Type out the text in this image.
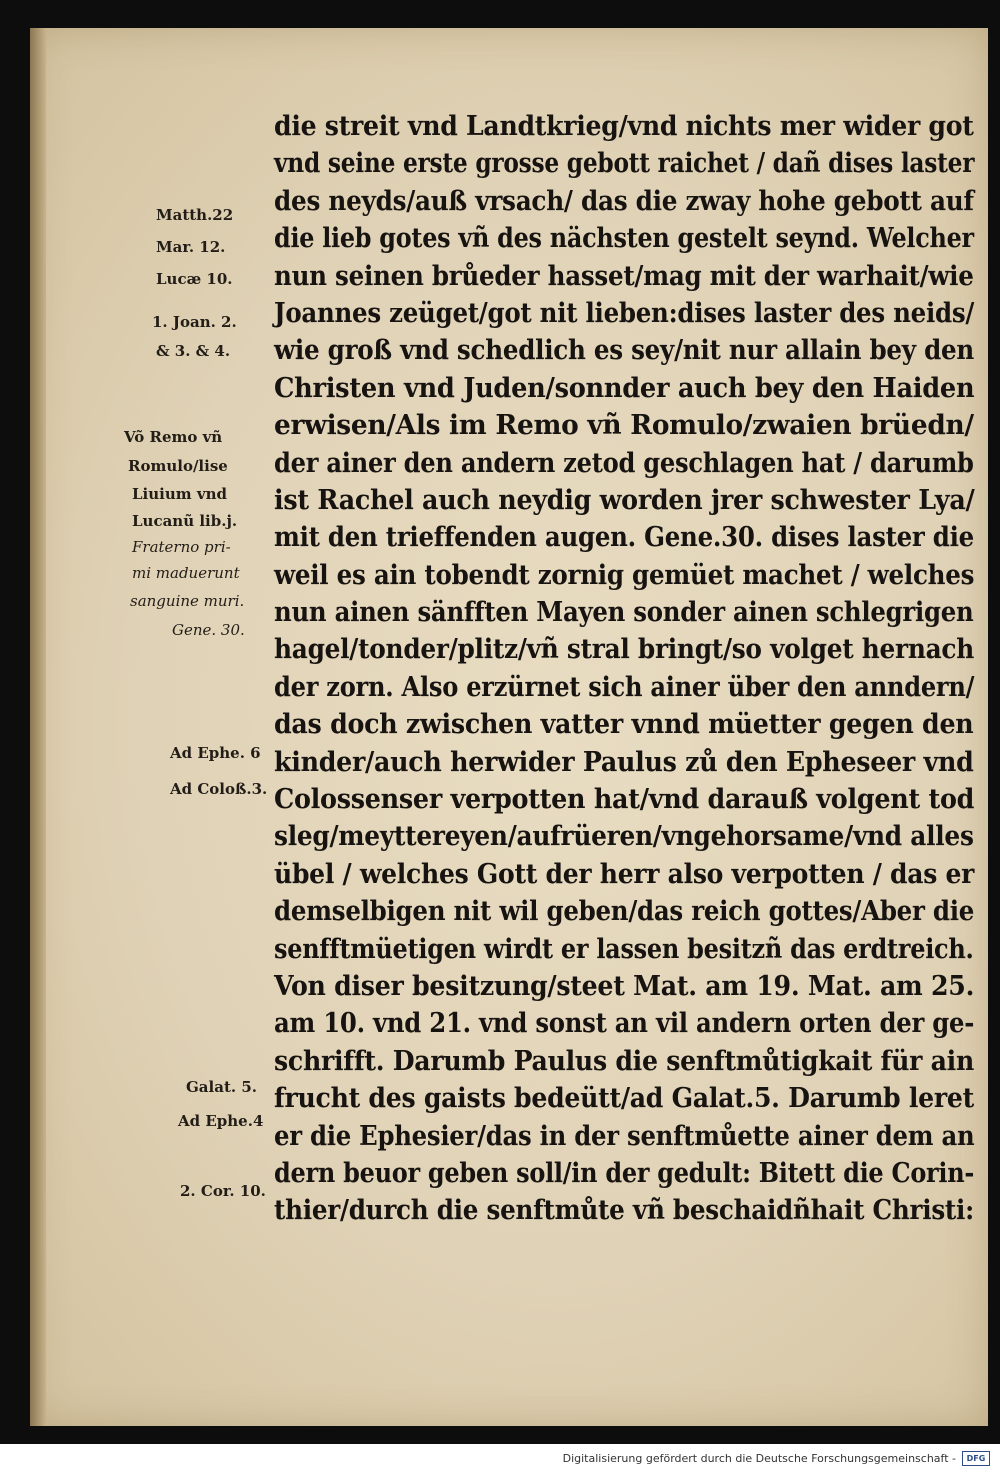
die streit vnd Landtkrieg/vnd nichts mer wider got
vnd seine erste grosse gebott raichet / dañ dises laster
des neyds/auß vrsach/ das die zway hohe gebott auf
die lieb gotes vñ des nächsten gestelt seynd. Welcher
nun seinen brůeder hasset/mag mit der warhait/wie
Joannes zeüget/got nit lieben:dises laster des neids/
wie groß vnd schedlich es sey/nit nur allain bey den
Christen vnd Juden/sonnder auch bey den Haiden
erwisen/Als im Remo vñ Romulo/zwaien brüedn/
der ainer den andern zetod geschlagen hat / darumb
ist Rachel auch neydig worden jrer schwester Lya/
mit den trieffenden augen. Gene.30. dises laster die
weil es ain tobendt zornig gemüet machet / welches
nun ainen sänfften Mayen sonder ainen schlegrigen
hagel/tonder/plitz/vñ stral bringt/so volget hernach
der zorn. Also erzürnet sich ainer über den anndern/
das doch zwischen vatter vnnd müetter gegen den
kinder/auch herwider Paulus zů den Epheseer vnd
Colossenser verpotten hat/vnd darauß volgent tod
sleg/meyttereyen/aufrüeren/vngehorsame/vnd alles
übel / welches Gott der herr also verpotten / das er
demselbigen nit wil geben/das reich gottes/Aber die
senfftmüetigen wirdt er lassen besitzñ das erdtreich.
Von diser besitzung/steet Mat. am 19. Mat. am 25.
am 10. vnd 21. vnd sonst an vil andern orten der ge-
schrifft. Darumb Paulus die senftmůtigkait für ain
frucht des gaists bedeütt/ad Galat.5. Darumb leret
er die Ephesier/das in der senftmůette ainer dem an
dern beuor geben soll/in der gedult: Bitett die Corin-
thier/durch die senftmůte vñ beschaidñhait Christi:
Matth.22
Mar. 12.
Lucæ 10.
1. Joan. 2.
& 3. & 4.
Võ Remo vñ
Romulo/lise
Liuium vnd
Lucanũ lib.j.
Fraterno pri-
mi maduerunt
sanguine muri.
Gene. 30.
Ad Ephe. 6
Ad Coloß.3.
Galat. 5.
Ad Ephe.4
2. Cor. 10.
Digitalisierung gefördert durch die Deutsche Forschungsgemeinschaft -	DFG
